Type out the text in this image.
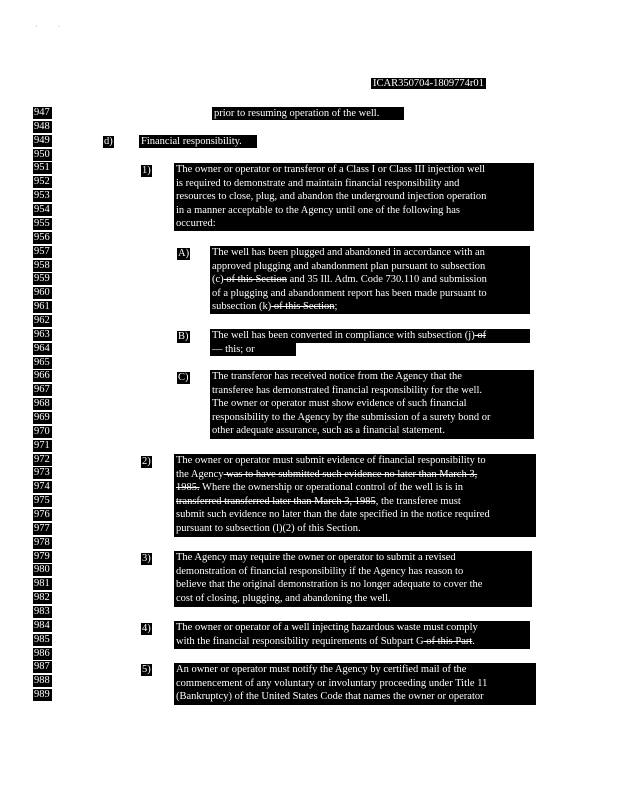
·          ·
ICAR350704-1809774r01
947
948
949
950
951
952
953
954
955
956
957
958
959
960
961
962
963
964
965
966
967
968
969
970
971
972
973
974
975
976
977
978
979
980
981
982
983
984
985
986
987
988
989
prior to resuming operation of the well.
d)	Financial responsibility.
1) The owner or operator or transferor of a Class I or Class III injection well
is required to demonstrate and maintain financial responsibility and
resources to close, plug, and abandon the underground injection operation
in a manner acceptable to the Agency until one of the following has
occurred:
A) The well has been plugged and abandoned in accordance with an
approved plugging and abandonment plan pursuant to subsection
(c) of this Section and 35 Ill. Adm. Code 730.110 and submission
of a plugging and abandonment report has been made pursuant to
subsection (k) of this Section;
B) The well has been converted in compliance with subsection (j) of
— this; or
C) The transferor has received notice from the Agency that the
transferee has demonstrated financial responsibility for the well.
The owner or operator must show evidence of such financial
responsibility to the Agency by the submission of a surety bond or
other adequate assurance, such as a financial statement.
2) The owner or operator must submit evidence of financial responsibility to
the Agency was to have submitted such evidence no later than March 3,
1985. Where the ownership or operational control of the well is is in
transferred transferred later than March 3, 1985, the transferee must
submit such evidence no later than the date specified in the notice required
pursuant to subsection (l)(2) of this Section.
3) The Agency may require the owner or operator to submit a revised
demonstration of financial responsibility if the Agency has reason to
believe that the original demonstration is no longer adequate to cover the
cost of closing, plugging, and abandoning the well.
4) The owner or operator of a well injecting hazardous waste must comply
with the financial responsibility requirements of Subpart G of this Part.
5) An owner or operator must notify the Agency by certified mail of the
commencement of any voluntary or involuntary proceeding under Title 11
(Bankruptcy) of the United States Code that names the owner or operator
